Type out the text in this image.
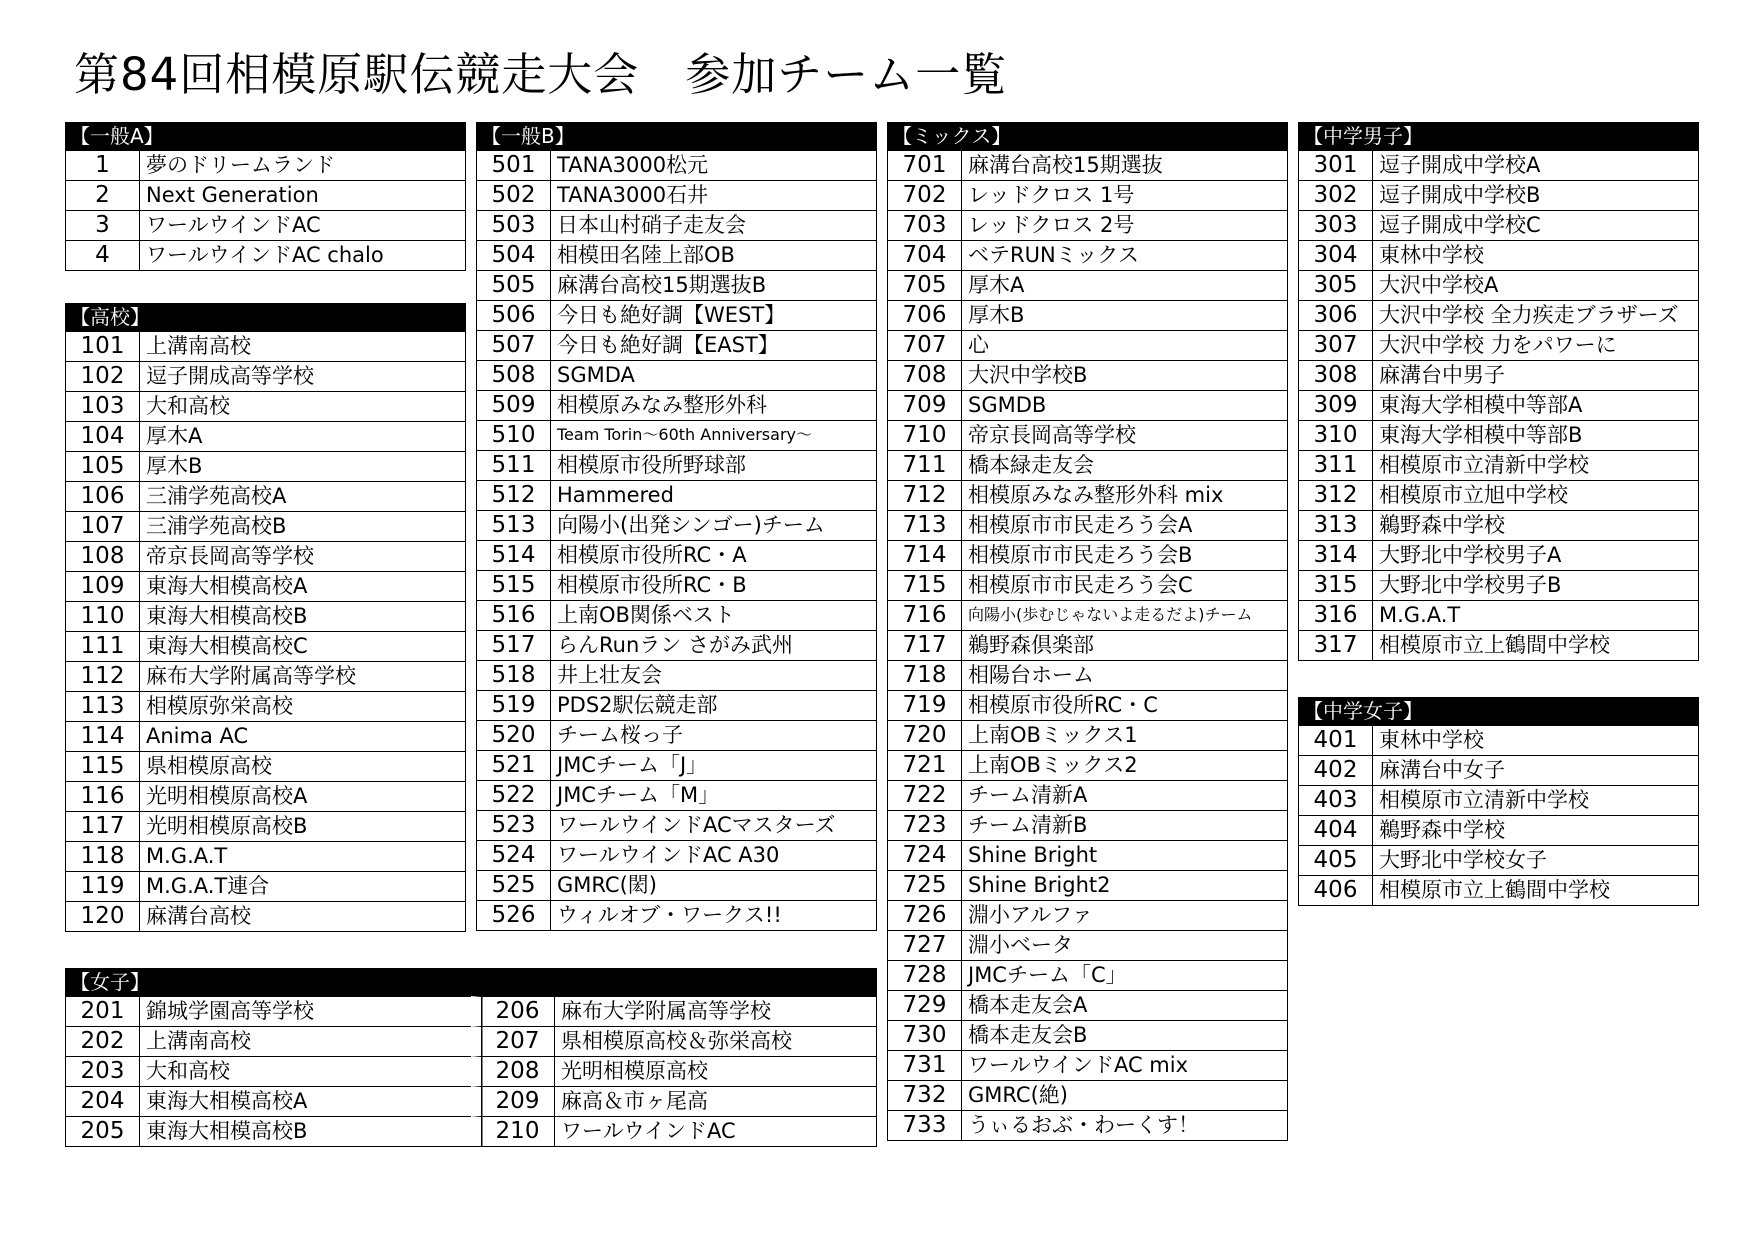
第84回相模原駅伝競走大会　参加チーム一覧
【一般A】
1	夢のドリームランド
2	Next Generation
3	ワールウインドAC
4	ワールウインドAC chalo
【高校】
101	上溝南高校
102	逗子開成高等学校
103	大和高校
104	厚木A
105	厚木B
106	三浦学苑高校A
107	三浦学苑高校B
108	帝京長岡高等学校
109	東海大相模高校A
110	東海大相模高校B
111	東海大相模高校C
112	麻布大学附属高等学校
113	相模原弥栄高校
114	Anima AC
115	県相模原高校
116	光明相模原高校A
117	光明相模原高校B
118	M.G.A.T
119	M.G.A.T連合
120	麻溝台高校
【女子】
201	錦城学園高等学校
202	上溝南高校
203	大和高校
204	東海大相模高校A
205	東海大相模高校B
206	麻布大学附属高等学校
207	県相模原高校＆弥栄高校
208	光明相模原高校
209	麻高＆市ヶ尾高
210	ワールウインドAC
【一般B】
501	TANA3000松元
502	TANA3000石井
503	日本山村硝子走友会
504	相模田名陸上部OB
505	麻溝台高校15期選抜B
506	今日も絶好調【WEST】
507	今日も絶好調【EAST】
508	SGMDA
509	相模原みなみ整形外科
510	Team Torin～60th Anniversary～
511	相模原市役所野球部
512	Hammered
513	向陽小(出発シンゴー)チーム
514	相模原市役所RC・A
515	相模原市役所RC・B
516	上南OB関係ベスト
517	らんRunラン さがみ武州
518	井上壮友会
519	PDS2駅伝競走部
520	チーム桜っ子
521	JMCチーム「J」
522	JMCチーム「M」
523	ワールウインドACマスターズ
524	ワールウインドAC A30
525	GMRC(閎)
526	ウィルオブ・ワークス!!
【ミックス】
701	麻溝台高校15期選抜
702	レッドクロス 1号
703	レッドクロス 2号
704	ベテRUNミックス
705	厚木A
706	厚木B
707	心
708	大沢中学校B
709	SGMDB
710	帝京長岡高等学校
711	橋本緑走友会
712	相模原みなみ整形外科 mix
713	相模原市市民走ろう会A
714	相模原市市民走ろう会B
715	相模原市市民走ろう会C
716	向陽小(歩むじゃないよ走るだよ)チーム
717	鵜野森倶楽部
718	相陽台ホーム
719	相模原市役所RC・C
720	上南OBミックス1
721	上南OBミックス2
722	チーム清新A
723	チーム清新B
724	Shine Bright
725	Shine Bright2
726	淵小アルファ
727	淵小ベータ
728	JMCチーム「C」
729	橋本走友会A
730	橋本走友会B
731	ワールウインドAC mix
732	GMRC(絶)
733	うぃるおぶ・わーくす！
【中学男子】
301	逗子開成中学校A
302	逗子開成中学校B
303	逗子開成中学校C
304	東林中学校
305	大沢中学校A
306	大沢中学校 全力疾走ブラザーズ
307	大沢中学校 力をパワーに
308	麻溝台中男子
309	東海大学相模中等部A
310	東海大学相模中等部B
311	相模原市立清新中学校
312	相模原市立旭中学校
313	鵜野森中学校
314	大野北中学校男子A
315	大野北中学校男子B
316	M.G.A.T
317	相模原市立上鶴間中学校
【中学女子】
401	東林中学校
402	麻溝台中女子
403	相模原市立清新中学校
404	鵜野森中学校
405	大野北中学校女子
406	相模原市立上鶴間中学校
